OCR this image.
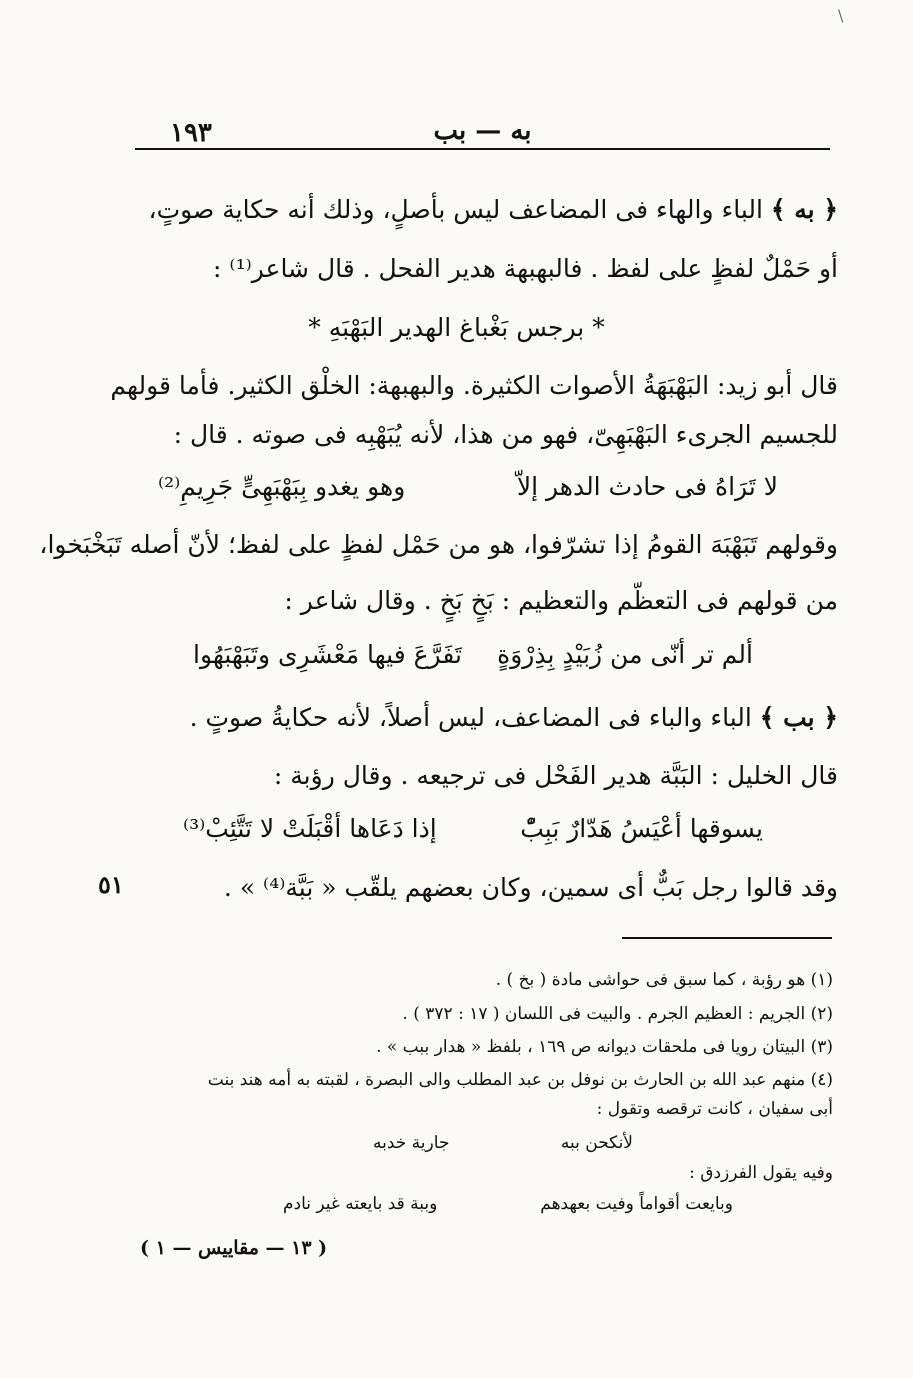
\
به — بب
١٩٣
﴿ به ﴾ الباء والهاء فى المضاعف ليس بأصلٍ، وذلك أنه حكاية صوتٍ،
أو حَمْلٌ لفظٍ على لفظ . فالبهبهة هدير الفحل . قال شاعر⁽¹⁾ :
* برجس بَغْباغ الهدير البَهْبَهِ *
قال أبو زيد: البَهْبَهَةُ الأصوات الكثيرة. والبهبهة: الخلْق الكثير. فأما قولهم
للجسيم الجرىء البَهْبَهِىّ، فهو من هذا، لأنه يُبَهْبِه فى صوته . قال :
لا تَرَاهُ فى حادث الدهر إلاّ
وهو يغدو بِبَهْبَهِىٍّ جَرِيمِ⁽²⁾
وقولهم تَبَهْبَهَ القومُ إذا تشرّفوا، هو من حَمْل لفظٍ على لفظ؛ لأنّ أصله تَبَخْبَخوا،
من قولهم فى التعظّم والتعظيم : بَخٍ بَخٍ . وقال شاعر :
ألم تر أنّى من زُبَيْدٍ بِذِرْوَةٍ
تَفَرَّعَ فيها مَعْشَرِى وتَبَهْبَهُوا
﴿ بب ﴾ الباء والباء فى المضاعف، ليس أصلاً، لأنه حكايةُ صوتٍ .
قال الخليل : البَبَّة هدير الفَحْل فى ترجيعه . وقال رؤبة :
يسوقها أعْيَسُ هَدّارٌ بَبِبّْ
إذا دَعَاها أقْبَلَتْ لا تَتَّئِبْ⁽³⁾
وقد قالوا رجل بَبٌّ أى سمين، وكان بعضهم يلقّب « بَبَّة⁽⁴⁾ » .
٥١
(١) هو رؤبة ، كما سبق فى حواشى مادة ( بخ ) .
(٢) الجريم : العظيم الجرم . والبيت فى اللسان ( ١٧ : ٣٧٢ ) .
(٣) البيتان رويا فى ملحقات ديوانه ص ١٦٩ ، بلفظ « هدار ببب » .
(٤) منهم عبد الله بن الحارث بن نوفل بن عبد المطلب والى البصرة ، لقبته به أمه هند بنت
أبى سفيان ، كانت ترقصه وتقول :
لأنكحن ببه
جارية خدبه
وفيه يقول الفرزدق :
وبايعت أقواماً وفيت بعهدهم
وببة قد بايعته غير نادم
( ١٣ — مقاييس — ١ )
